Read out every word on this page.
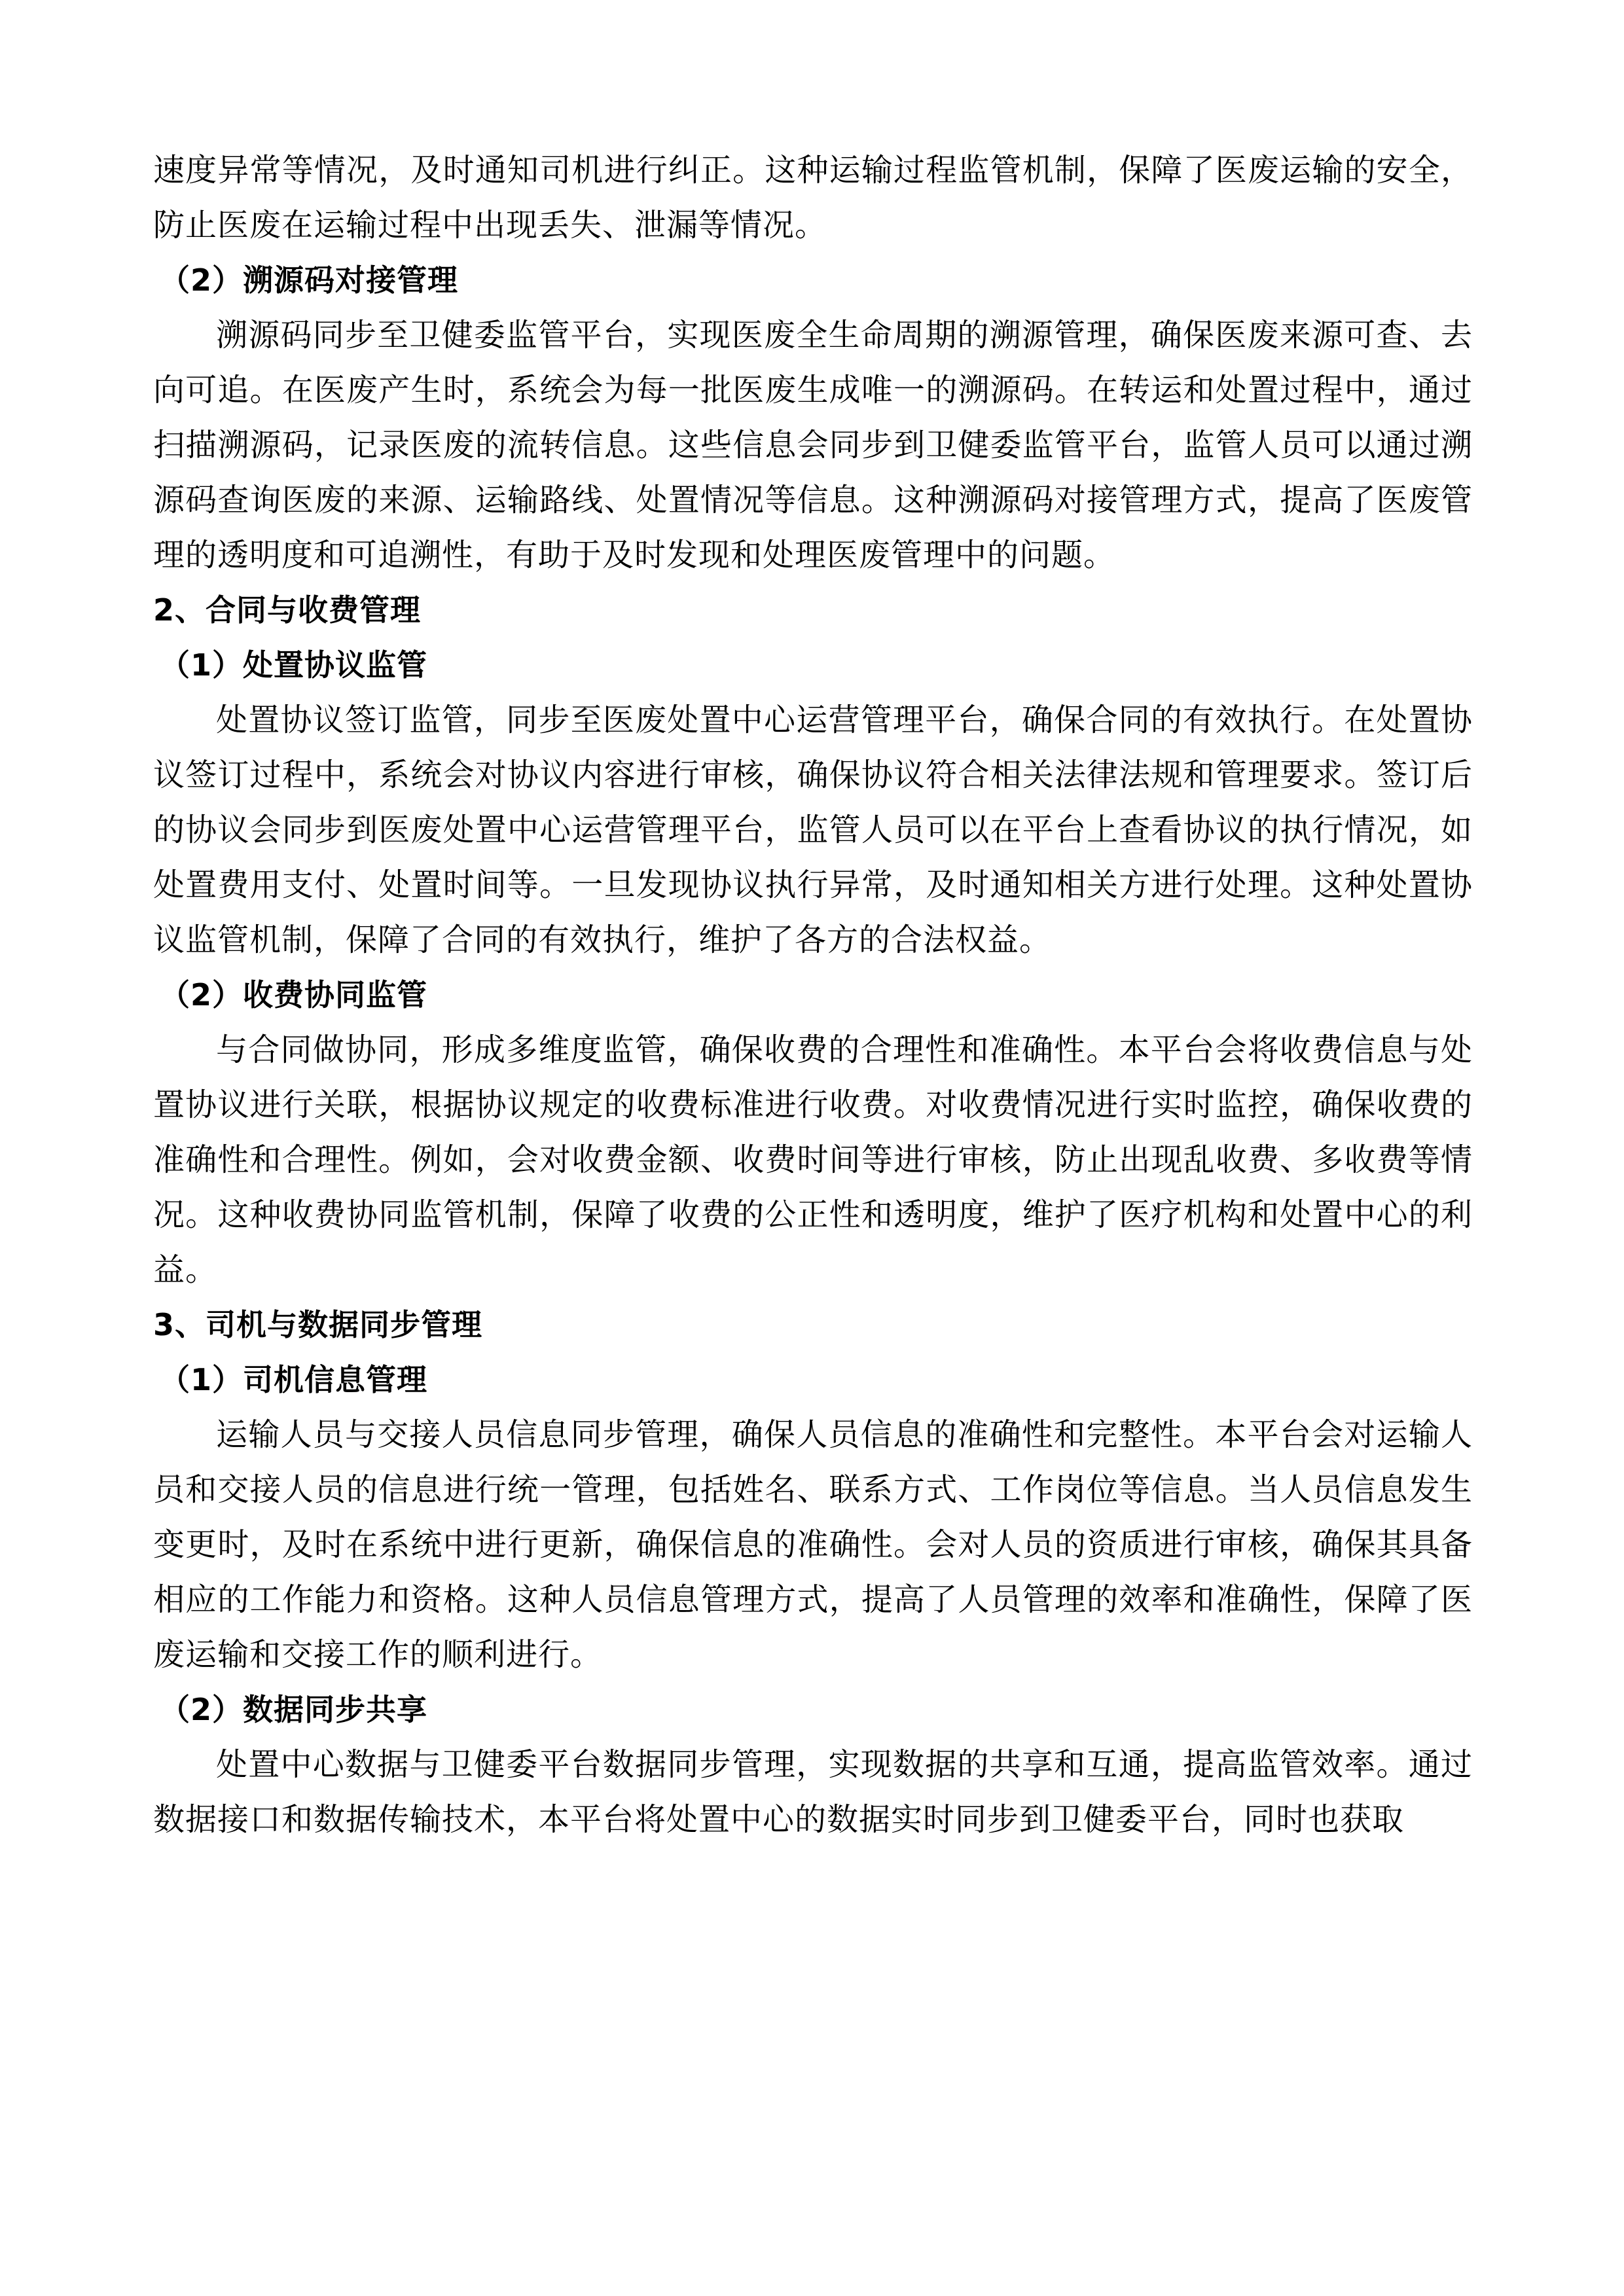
速度异常等情况，及时通知司机进行纠正。这种运输过程监管机制，保障了医废运输的安全，防止医废在运输过程中出现丢失、泄漏等情况。

（2）溯源码对接管理

溯源码同步至卫健委监管平台，实现医废全生命周期的溯源管理，确保医废来源可查、去向可追。在医废产生时，系统会为每一批医废生成唯一的溯源码。在转运和处置过程中，通过扫描溯源码，记录医废的流转信息。这些信息会同步到卫健委监管平台，监管人员可以通过溯源码查询医废的来源、运输路线、处置情况等信息。这种溯源码对接管理方式，提高了医废管理的透明度和可追溯性，有助于及时发现和处理医废管理中的问题。

2、合同与收费管理

（1）处置协议监管

处置协议签订监管，同步至医废处置中心运营管理平台，确保合同的有效执行。在处置协议签订过程中，系统会对协议内容进行审核，确保协议符合相关法律法规和管理要求。签订后的协议会同步到医废处置中心运营管理平台，监管人员可以在平台上查看协议的执行情况，如处置费用支付、处置时间等。一旦发现协议执行异常，及时通知相关方进行处理。这种处置协议监管机制，保障了合同的有效执行，维护了各方的合法权益。

（2）收费协同监管

与合同做协同，形成多维度监管，确保收费的合理性和准确性。本平台会将收费信息与处置协议进行关联，根据协议规定的收费标准进行收费。对收费情况进行实时监控，确保收费的准确性和合理性。例如，会对收费金额、收费时间等进行审核，防止出现乱收费、多收费等情况。这种收费协同监管机制，保障了收费的公正性和透明度，维护了医疗机构和处置中心的利益。

3、司机与数据同步管理

（1）司机信息管理

运输人员与交接人员信息同步管理，确保人员信息的准确性和完整性。本平台会对运输人员和交接人员的信息进行统一管理，包括姓名、联系方式、工作岗位等信息。当人员信息发生变更时，及时在系统中进行更新，确保信息的准确性。会对人员的资质进行审核，确保其具备相应的工作能力和资格。这种人员信息管理方式，提高了人员管理的效率和准确性，保障了医废运输和交接工作的顺利进行。

（2）数据同步共享

处置中心数据与卫健委平台数据同步管理，实现数据的共享和互通，提高监管效率。通过数据接口和数据传输技术，本平台将处置中心的数据实时同步到卫健委平台，同时也获取
